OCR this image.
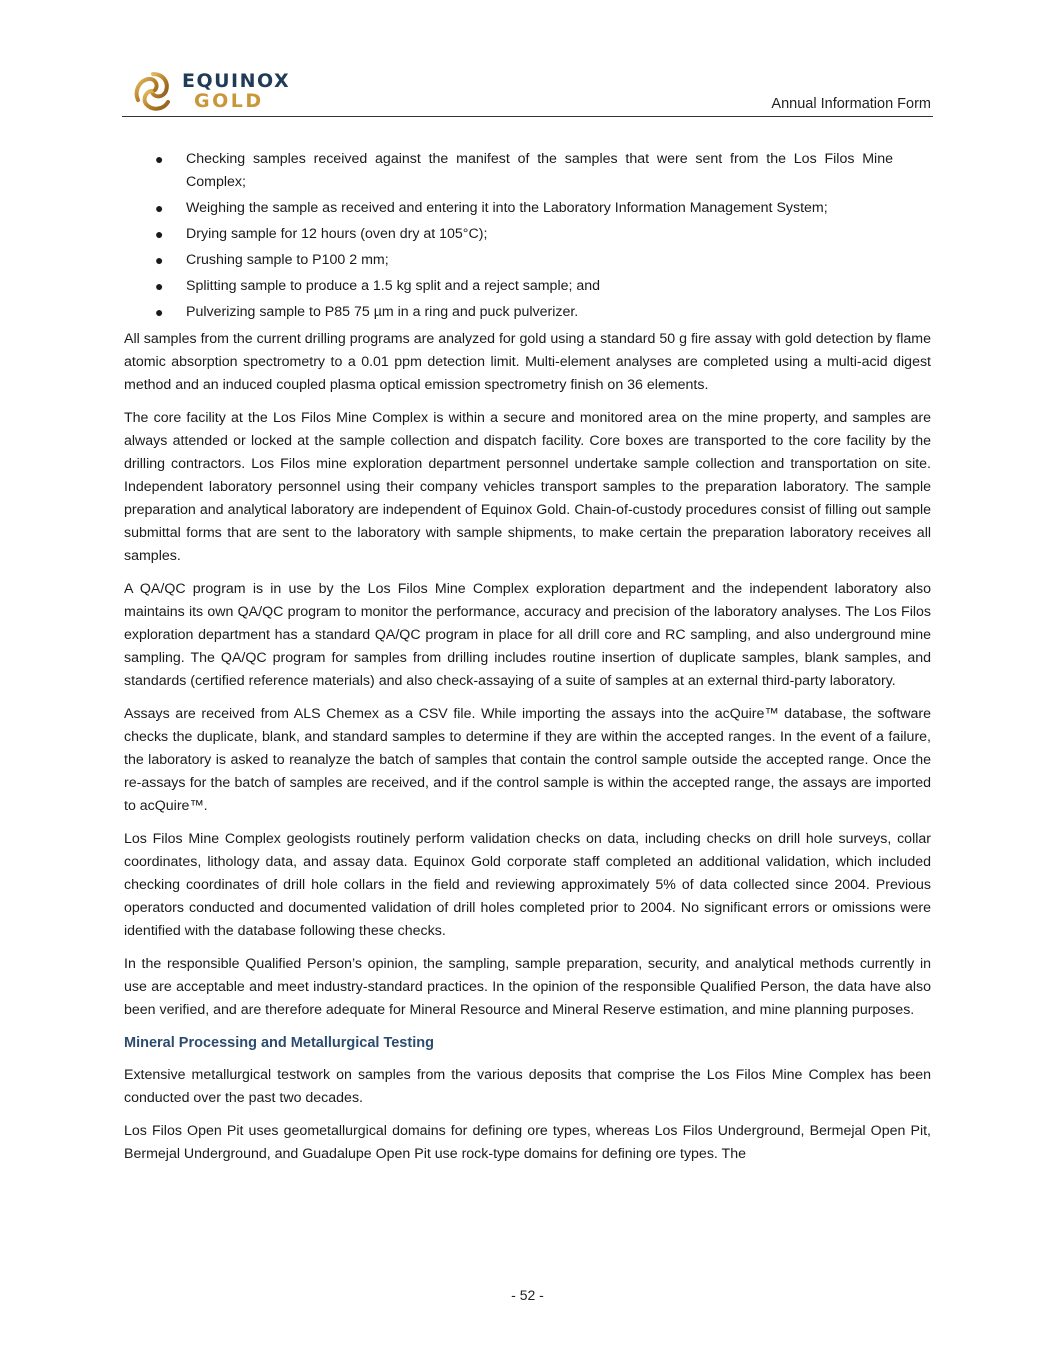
EQUINOX
GOLD	Annual Information Form
● Checking samples received against the manifest of the samples that were sent from the Los Filos Mine Complex;
● Weighing the sample as received and entering it into the Laboratory Information Management System;
● Drying sample for 12 hours (oven dry at 105°C);
● Crushing sample to P100 2 mm;
● Splitting sample to produce a 1.5 kg split and a reject sample; and
● Pulverizing sample to P85 75 µm in a ring and puck pulverizer.

All samples from the current drilling programs are analyzed for gold using a standard 50 g fire assay with gold detection by flame atomic absorption spectrometry to a 0.01 ppm detection limit. Multi-element analyses are completed using a multi-acid digest method and an induced coupled plasma optical emission spectrometry finish on 36 elements.

The core facility at the Los Filos Mine Complex is within a secure and monitored area on the mine property, and samples are always attended or locked at the sample collection and dispatch facility. Core boxes are transported to the core facility by the drilling contractors. Los Filos mine exploration department personnel undertake sample collection and transportation on site. Independent laboratory personnel using their company vehicles transport samples to the preparation laboratory. The sample preparation and analytical laboratory are independent of Equinox Gold. Chain-of-custody procedures consist of filling out sample submittal forms that are sent to the laboratory with sample shipments, to make certain the preparation laboratory receives all samples.

A QA/QC program is in use by the Los Filos Mine Complex exploration department and the independent laboratory also maintains its own QA/QC program to monitor the performance, accuracy and precision of the laboratory analyses. The Los Filos exploration department has a standard QA/QC program in place for all drill core and RC sampling, and also underground mine sampling. The QA/QC program for samples from drilling includes routine insertion of duplicate samples, blank samples, and standards (certified reference materials) and also check-assaying of a suite of samples at an external third-party laboratory.

Assays are received from ALS Chemex as a CSV file. While importing the assays into the acQuire™ database, the software checks the duplicate, blank, and standard samples to determine if they are within the accepted ranges. In the event of a failure, the laboratory is asked to reanalyze the batch of samples that contain the control sample outside the accepted range. Once the re-assays for the batch of samples are received, and if the control sample is within the accepted range, the assays are imported to acQuire™.

Los Filos Mine Complex geologists routinely perform validation checks on data, including checks on drill hole surveys, collar coordinates, lithology data, and assay data. Equinox Gold corporate staff completed an additional validation, which included checking coordinates of drill hole collars in the field and reviewing approximately 5% of data collected since 2004. Previous operators conducted and documented validation of drill holes completed prior to 2004. No significant errors or omissions were identified with the database following these checks.

In the responsible Qualified Person’s opinion, the sampling, sample preparation, security, and analytical methods currently in use are acceptable and meet industry-standard practices. In the opinion of the responsible Qualified Person, the data have also been verified, and are therefore adequate for Mineral Resource and Mineral Reserve estimation, and mine planning purposes.

Mineral Processing and Metallurgical Testing

Extensive metallurgical testwork on samples from the various deposits that comprise the Los Filos Mine Complex has been conducted over the past two decades.

Los Filos Open Pit uses geometallurgical domains for defining ore types, whereas Los Filos Underground, Bermejal Open Pit, Bermejal Underground, and Guadalupe Open Pit use rock-type domains for defining ore types. The

- 52 -
